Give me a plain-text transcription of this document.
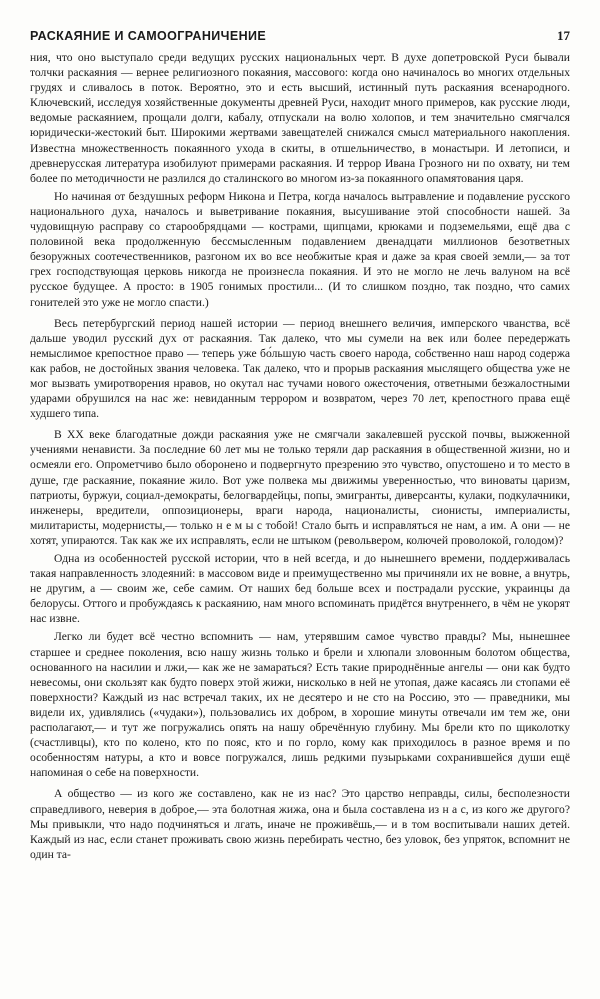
РАСКАЯНИЕ И САМООГРАНИЧЕНИЕ	17

ния, что оно выступало среди ведущих русских национальных черт. В духе допетровской Руси бывали толчки раскаяния — вернее религиозного покаяния, массового: когда оно начиналось во многих отдельных грудях и сливалось в поток. Вероятно, это и есть высший, истинный путь раскаяния всенародного. Ключевский, исследуя хозяйственные документы древней Руси, находит много примеров, как русские люди, ведомые раскаянием, прощали долги, кабалу, отпускали на волю холопов, и тем значительно смягчался юридически-жестокий быт. Широкими жертвами завещателей снижался смысл материального накопления. Известна множественность покаянного ухода в скиты, в отшельничество, в монастыри. И летописи, и древнерусская литература изобилуют примерами раскаяния. И террор Ивана Грозного ни по охвату, ни тем более по методичности не разлился до сталинского во многом из-за покаянного опамятования царя.

Но начиная от бездушных реформ Никона и Петра, когда началось вытравление и подавление русского национального духа, началось и выветривание покаяния, высушивание этой способности нашей. За чудовищную расправу со старообрядцами — кострами, щипцами, крюками и подземельями, ещё два с половиной века продолженную бессмысленным подавлением двенадцати миллионов безответных безоружных соотечественников, разгоном их во все необжитые края и даже за края своей земли,— за тот грех господствующая церковь никогда не произнесла покаяния. И это не могло не лечь валуном на всё русское будущее. А просто: в 1905 гонимых простили... (И то слишком поздно, так поздно, что самих гонителей это уже не могло спасти.)

Весь петербургский период нашей истории — период внешнего величия, имперского чванства, всё дальше уводил русский дух от раскаяния. Так далеко, что мы сумели на век или более передержать немыслимое крепостное право — теперь уже бо́льшую часть своего народа, собственно наш народ содержа как рабов, не достойных звания человека. Так далеко, что и прорыв раскаяния мыслящего общества уже не мог вызвать умиротворения нравов, но окутал нас тучами нового ожесточения, ответными безжалостными ударами обрушился на нас же: невиданным террором и возвратом, через 70 лет, крепостного права ещё худшего типа.

В XX веке благодатные дожди раскаяния уже не смягчали закалевшей русской почвы, выжженной учениями ненависти. За последние 60 лет мы не только теряли дар раскаяния в общественной жизни, но и осмеяли его. Опрометчиво было оборонено и подвергнуто презрению это чувство, опустошено и то место в душе, где раскаяние, покаяние жило. Вот уже полвека мы движимы уверенностью, что виноваты царизм, патриоты, буржуи, социал-демократы, белогвардейцы, попы, эмигранты, диверсанты, кулаки, подкулачники, инженеры, вредители, оппозиционеры, враги народа, националисты, сионисты, империалисты, милитаристы, модернисты,— только н е м ы с тобой! Стало быть и исправляться не нам, а им. А они — не хотят, упираются. Так как же их исправлять, если не штыком (револьвером, колючей проволокой, голодом)?

Одна из особенностей русской истории, что в ней всегда, и до нынешнего времени, поддерживалась такая направленность злодеяний: в массовом виде и преимущественно мы причиняли их не вовне, а внутрь, не другим, а — своим же, себе самим. От наших бед больше всех и пострадали русские, украинцы да белорусы. Оттого и пробуждаясь к раскаянию, нам много вспоминать придётся внутреннего, в чём не укорят нас извне.

Легко ли будет всё честно вспомнить — нам, утерявшим самое чувство правды? Мы, нынешнее старшее и среднее поколения, всю нашу жизнь только и брели и хлюпали зловонным болотом общества, основанного на насилии и лжи,— как же не замараться? Есть такие природнённые ангелы — они как будто невесомы, они скользят как будто поверх этой жижи, нисколько в ней не утопая, даже касаясь ли стопами её поверхности? Каждый из нас встречал таких, их не десятеро и не сто на Россию, это — праведники, мы видели их, удивлялись («чудаки»), пользовались их добром, в хорошие минуты отвечали им тем же, они располагают,— и тут же погружались опять на нашу обречённую глубину. Мы брели кто по щиколотку (счастливцы), кто по колено, кто по пояс, кто и по горло, кому как приходилось в разное время и по особенностям натуры, а кто и вовсе погружался, лишь редкими пузырьками сохранившейся души ещё напоминая о себе на поверхности.

А общество — из кого же составлено, как не из нас? Это царство неправды, силы, бесполезности справедливого, неверия в доброе,— эта болотная жижа, она и была составлена из н а с, из кого же другого? Мы привыкли, что надо подчиняться и лгать, иначе не проживёшь,— и в том воспитывали наших детей. Каждый из нас, если станет проживать свою жизнь перебирать честно, без уловок, без упряток, вспомнит не один та-
